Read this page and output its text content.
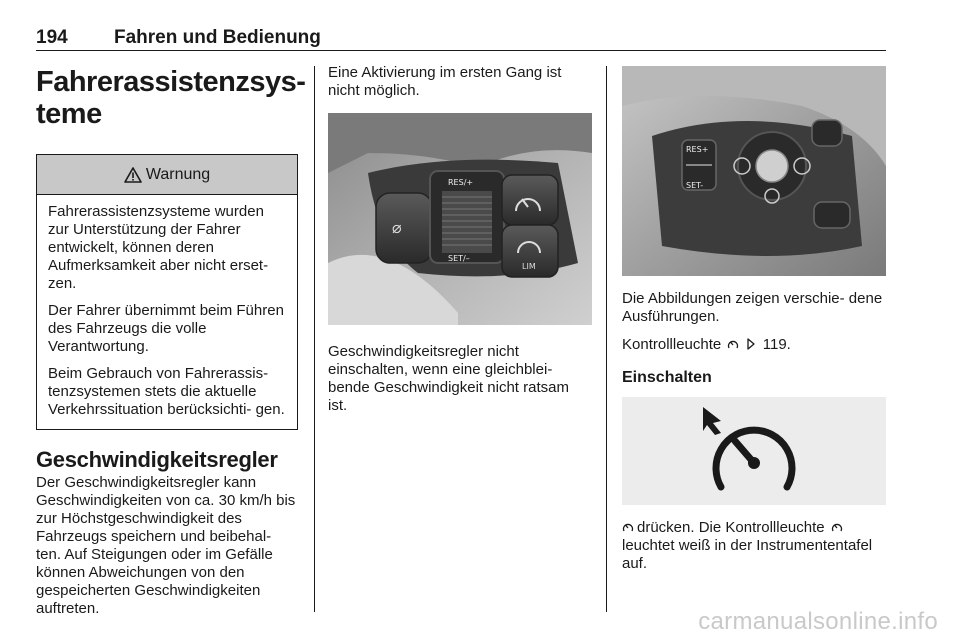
194 Fahren und Bedienung
Fahrerassistenzsys-
teme
Warnung

Fahrerassistenzsysteme wurden zur Unterstützung der Fahrer entwickelt, können deren Aufmerksamkeit aber nicht erset- zen.

Der Fahrer übernimmt beim Führen des Fahrzeugs die volle Verantwortung.

Beim Gebrauch von Fahrerassis- tenzsystemen stets die aktuelle Verkehrssituation berücksichti- gen.

Geschwindigkeitsregler

Der Geschwindigkeitsregler kann Geschwindigkeiten von ca. 30 km/h bis zur Höchstgeschwindigkeit des Fahrzeugs speichern und beibehal- ten. Auf Steigungen oder im Gefälle können Abweichungen von den gespeicherten Geschwindigkeiten auftreten.

Eine Aktivierung im ersten Gang ist nicht möglich.

⌀
RES/+
SET/–
LIM

Geschwindigkeitsregler nicht einschalten, wenn eine gleichblei- bende Geschwindigkeit nicht ratsam ist.

RES+
SET-

Die Abbildungen zeigen verschie- dene Ausführungen.

Kontrollleuchte	119.

Einschalten

drücken. Die Kontrollleuchte  leuchtet weiß in der Instrumententafel auf.

carmanualsonline.info
